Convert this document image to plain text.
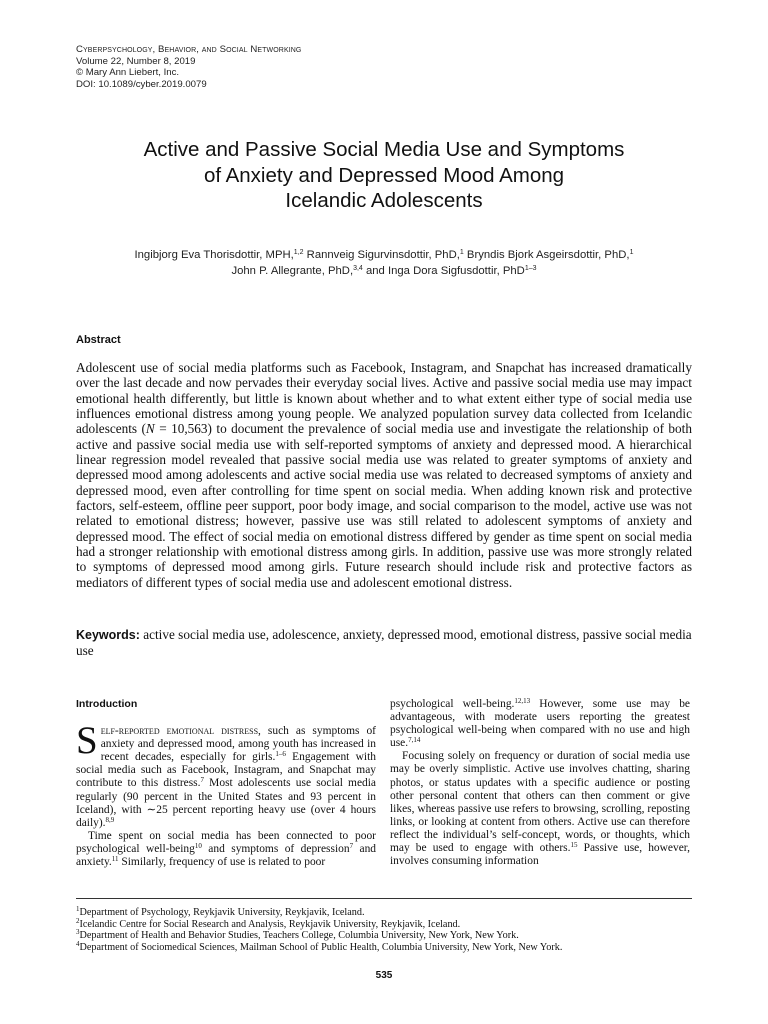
Cyberpsychology, Behavior, and Social Networking
Volume 22, Number 8, 2019
© Mary Ann Liebert, Inc.
DOI: 10.1089/cyber.2019.0079
Active and Passive Social Media Use and Symptoms
of Anxiety and Depressed Mood Among
Icelandic Adolescents
Ingibjorg Eva Thorisdottir, MPH,$^{1,2}$ Rannveig Sigurvinsdottir, PhD,$^1$ Bryndis Bjork Asgeirsdottir, PhD,$^1$
John P. Allegrante, PhD,$^{3,4}$ and Inga Dora Sigfusdottir, PhD$^{1-3}$
Abstract
Adolescent use of social media platforms such as Facebook, Instagram, and Snapchat has increased dramatically over the last decade and now pervades their everyday social lives. Active and passive social media use may impact emotional health differently, but little is known about whether and to what extent either type of social media use influences emotional distress among young people. We analyzed population survey data collected from Icelandic adolescents (N = 10,563) to document the prevalence of social media use and investigate the relationship of both active and passive social media use with self-reported symptoms of anxiety and depressed mood. A hierarchical linear regression model revealed that passive social media use was related to greater symptoms of anxiety and depressed mood among adolescents and active social media use was related to decreased symptoms of anxiety and depressed mood, even after controlling for time spent on social media. When adding known risk and protective factors, self-esteem, offline peer support, poor body image, and social comparison to the model, active use was not related to emotional distress; however, passive use was still related to adolescent symptoms of anxiety and depressed mood. The effect of social media on emotional distress differed by gender as time spent on social media had a stronger relationship with emotional distress among girls. In addition, passive use was more strongly related to symptoms of depressed mood among girls. Future research should include risk and protective factors as mediators of different types of social media use and adolescent emotional distress.
Keywords: active social media use, adolescence, anxiety, depressed mood, emotional distress, passive social media use
Introduction

Self-reported emotional distress, such as symptoms of anxiety and depressed mood, among youth has increased in recent decades, especially for girls.$^{1-6}$ Engagement with social media such as Facebook, Instagram, and Snapchat may contribute to this distress.$^7$ Most adolescents use social media regularly (90 percent in the United States and 93 percent in Iceland), with ∼25 percent reporting heavy use (over 4 hours daily).$^{8,9}$

Time spent on social media has been connected to poor psychological well-being$^{10}$ and symptoms of depression$^7$ and anxiety.$^{11}$ Similarly, frequency of use is related to poor

psychological well-being.$^{12,13}$ However, some use may be advantageous, with moderate users reporting the greatest psychological well-being when compared with no use and high use.$^{7,14}$

Focusing solely on frequency or duration of social media use may be overly simplistic. Active use involves chatting, sharing photos, or status updates with a specific audience or posting other personal content that others can then comment or give likes, whereas passive use refers to browsing, scrolling, reposting links, or looking at content from others. Active use can therefore reflect the individual’s self-concept, words, or thoughts, which may be used to engage with others.$^{15}$ Passive use, however, involves consuming information

$^1$Department of Psychology, Reykjavik University, Reykjavik, Iceland.
$^2$Icelandic Centre for Social Research and Analysis, Reykjavik University, Reykjavik, Iceland.
$^3$Department of Health and Behavior Studies, Teachers College, Columbia University, New York, New York.
$^4$Department of Sociomedical Sciences, Mailman School of Public Health, Columbia University, New York, New York.
535
